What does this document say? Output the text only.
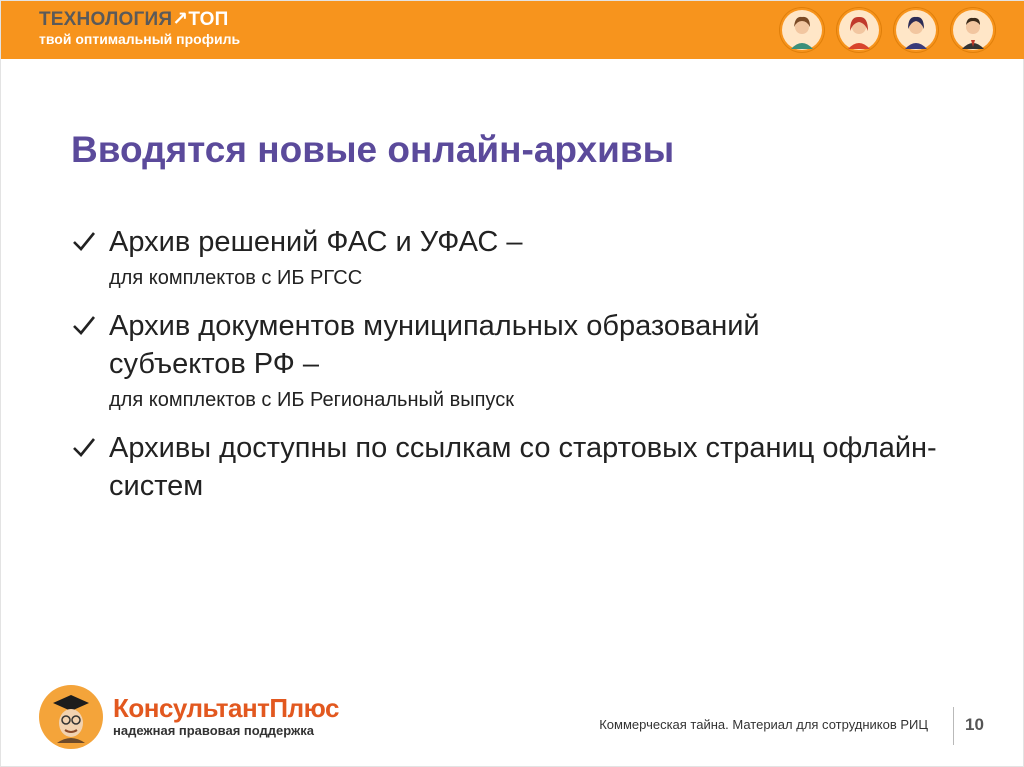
ТЕХНОЛОГИЯ↗ТОП
твой оптимальный профиль
Вводятся новые онлайн-архивы
Архив решений ФАС и УФАС –
для комплектов с ИБ РГСС
Архив документов муниципальных образований субъектов РФ –
для комплектов с ИБ Региональный выпуск
Архивы доступны по ссылкам со стартовых страниц офлайн-систем
КонсультантПлюс
надежная правовая поддержка	Коммерческая тайна. Материал для сотрудников РИЦ 10
